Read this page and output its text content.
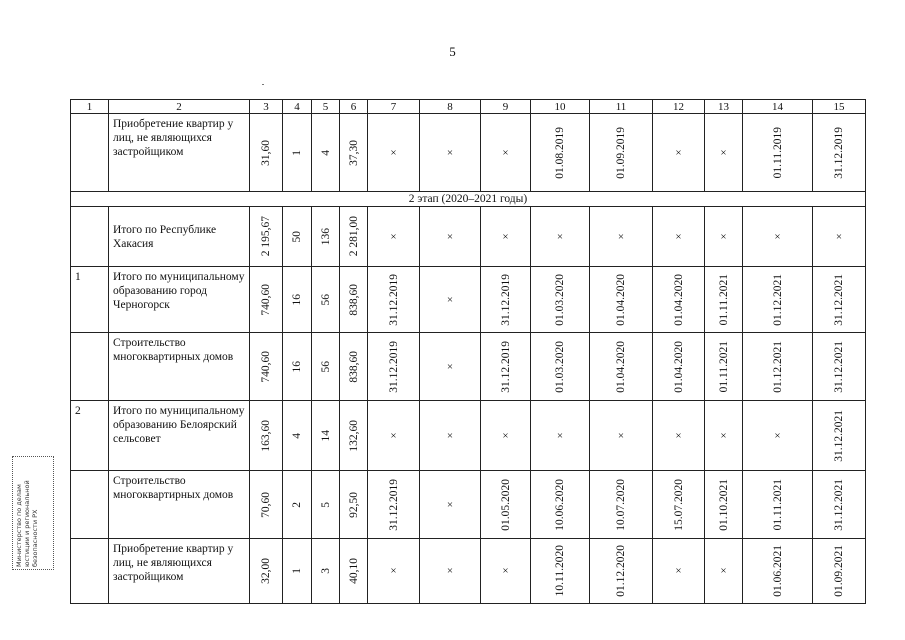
5
1	2	3	4	5	6	7	8	9	10	11	12	13	14	15
	Приобретение квартир у лиц, не являющихся застройщиком	31,60	1	4	37,30	×	×	×	01.08.2019	01.09.2019	×	×	01.11.2019	31.12.2019

2 этап (2020–2021 годы)														
	Итого по Республике Хакасия	2 195,67	50	136	2 281,00	×	×	×	×	×	×	×	×	×
1	Итого по муниципальному образованию город Черногорск	740,60	16	56	838,60	31.12.2019	×	31.12.2019	01.03.2020	01.04.2020	01.04.2020	01.11.2021	01.12.2021	31.12.2021

	Строительство многоквартирных домов	740,60	16	56	838,60	31.12.2019	×	31.12.2019	01.03.2020	01.04.2020	01.04.2020	01.11.2021	01.12.2021	31.12.2021

2	Итого по муниципальному образованию Белоярский сельсовет	163,60	4	14	132,60	×	×	×	×	×	×	×	×	31.12.2021

	Строительство многоквартирных домов	70,60	2	5	92,50	31.12.2019	×	01.05.2020	10.06.2020	10.07.2020	15.07.2020	01.10.2021	01.11.2021	31.12.2021

	Приобретение квартир у лиц, не являющихся застройщиком	32,00	1	3	40,10	×	×	×	10.11.2020	01.12.2020	×	×	01.06.2021	01.09.2021
Министерство по делам юстиции и региональной безопасности РХ
